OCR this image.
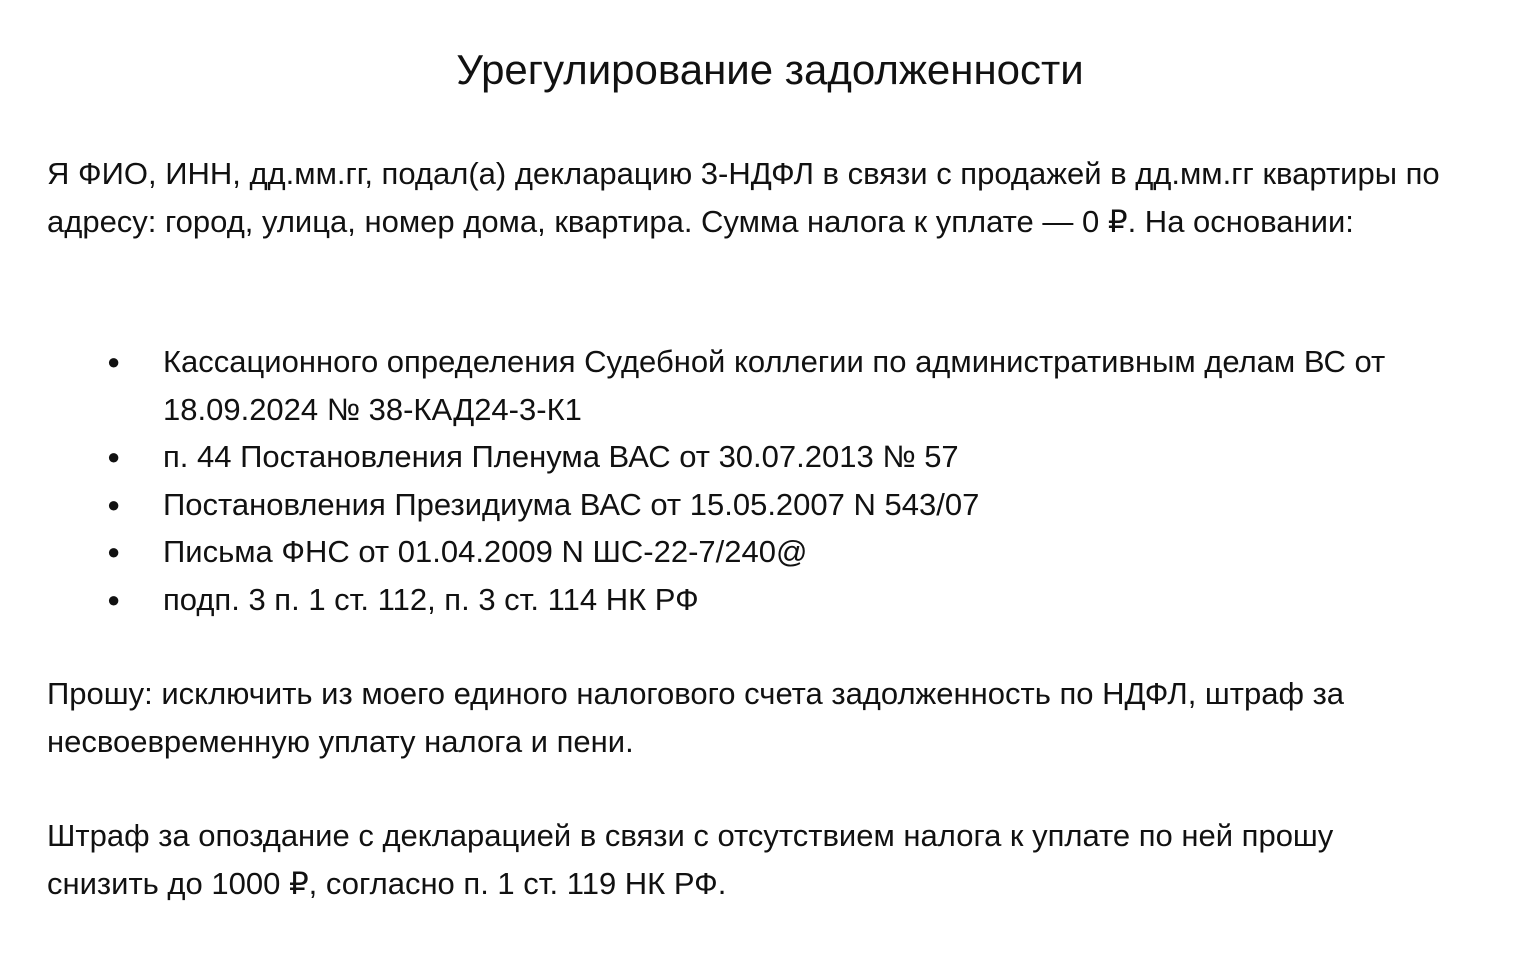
Урегулирование задолженности

Я ФИО, ИНН, дд.мм.гг, подал(а) декларацию 3-НДФЛ в связи с продажей в дд.мм.гг квартиры по адресу: город, улица, номер дома, квартира. Сумма налога к уплате — 0 ₽. На основании:

● Кассационного определения Судебной коллегии по административным делам ВС от 18.09.2024 № 38-КАД24-3-К1
● п. 44 Постановления Пленума ВАС от 30.07.2013 № 57
● Постановления Президиума ВАС от 15.05.2007 N 543/07
● Письма ФНС от 01.04.2009 N ШС-22-7/240@
● подп. 3 п. 1 ст. 112, п. 3 ст. 114 НК РФ

Прошу: исключить из моего единого налогового счета задолженность по НДФЛ, штраф за несвоевременную уплату налога и пени.

Штраф за опоздание с декларацией в связи с отсутствием налога к уплате по ней прошу снизить до 1000 ₽, согласно п. 1 ст. 119 НК РФ.
